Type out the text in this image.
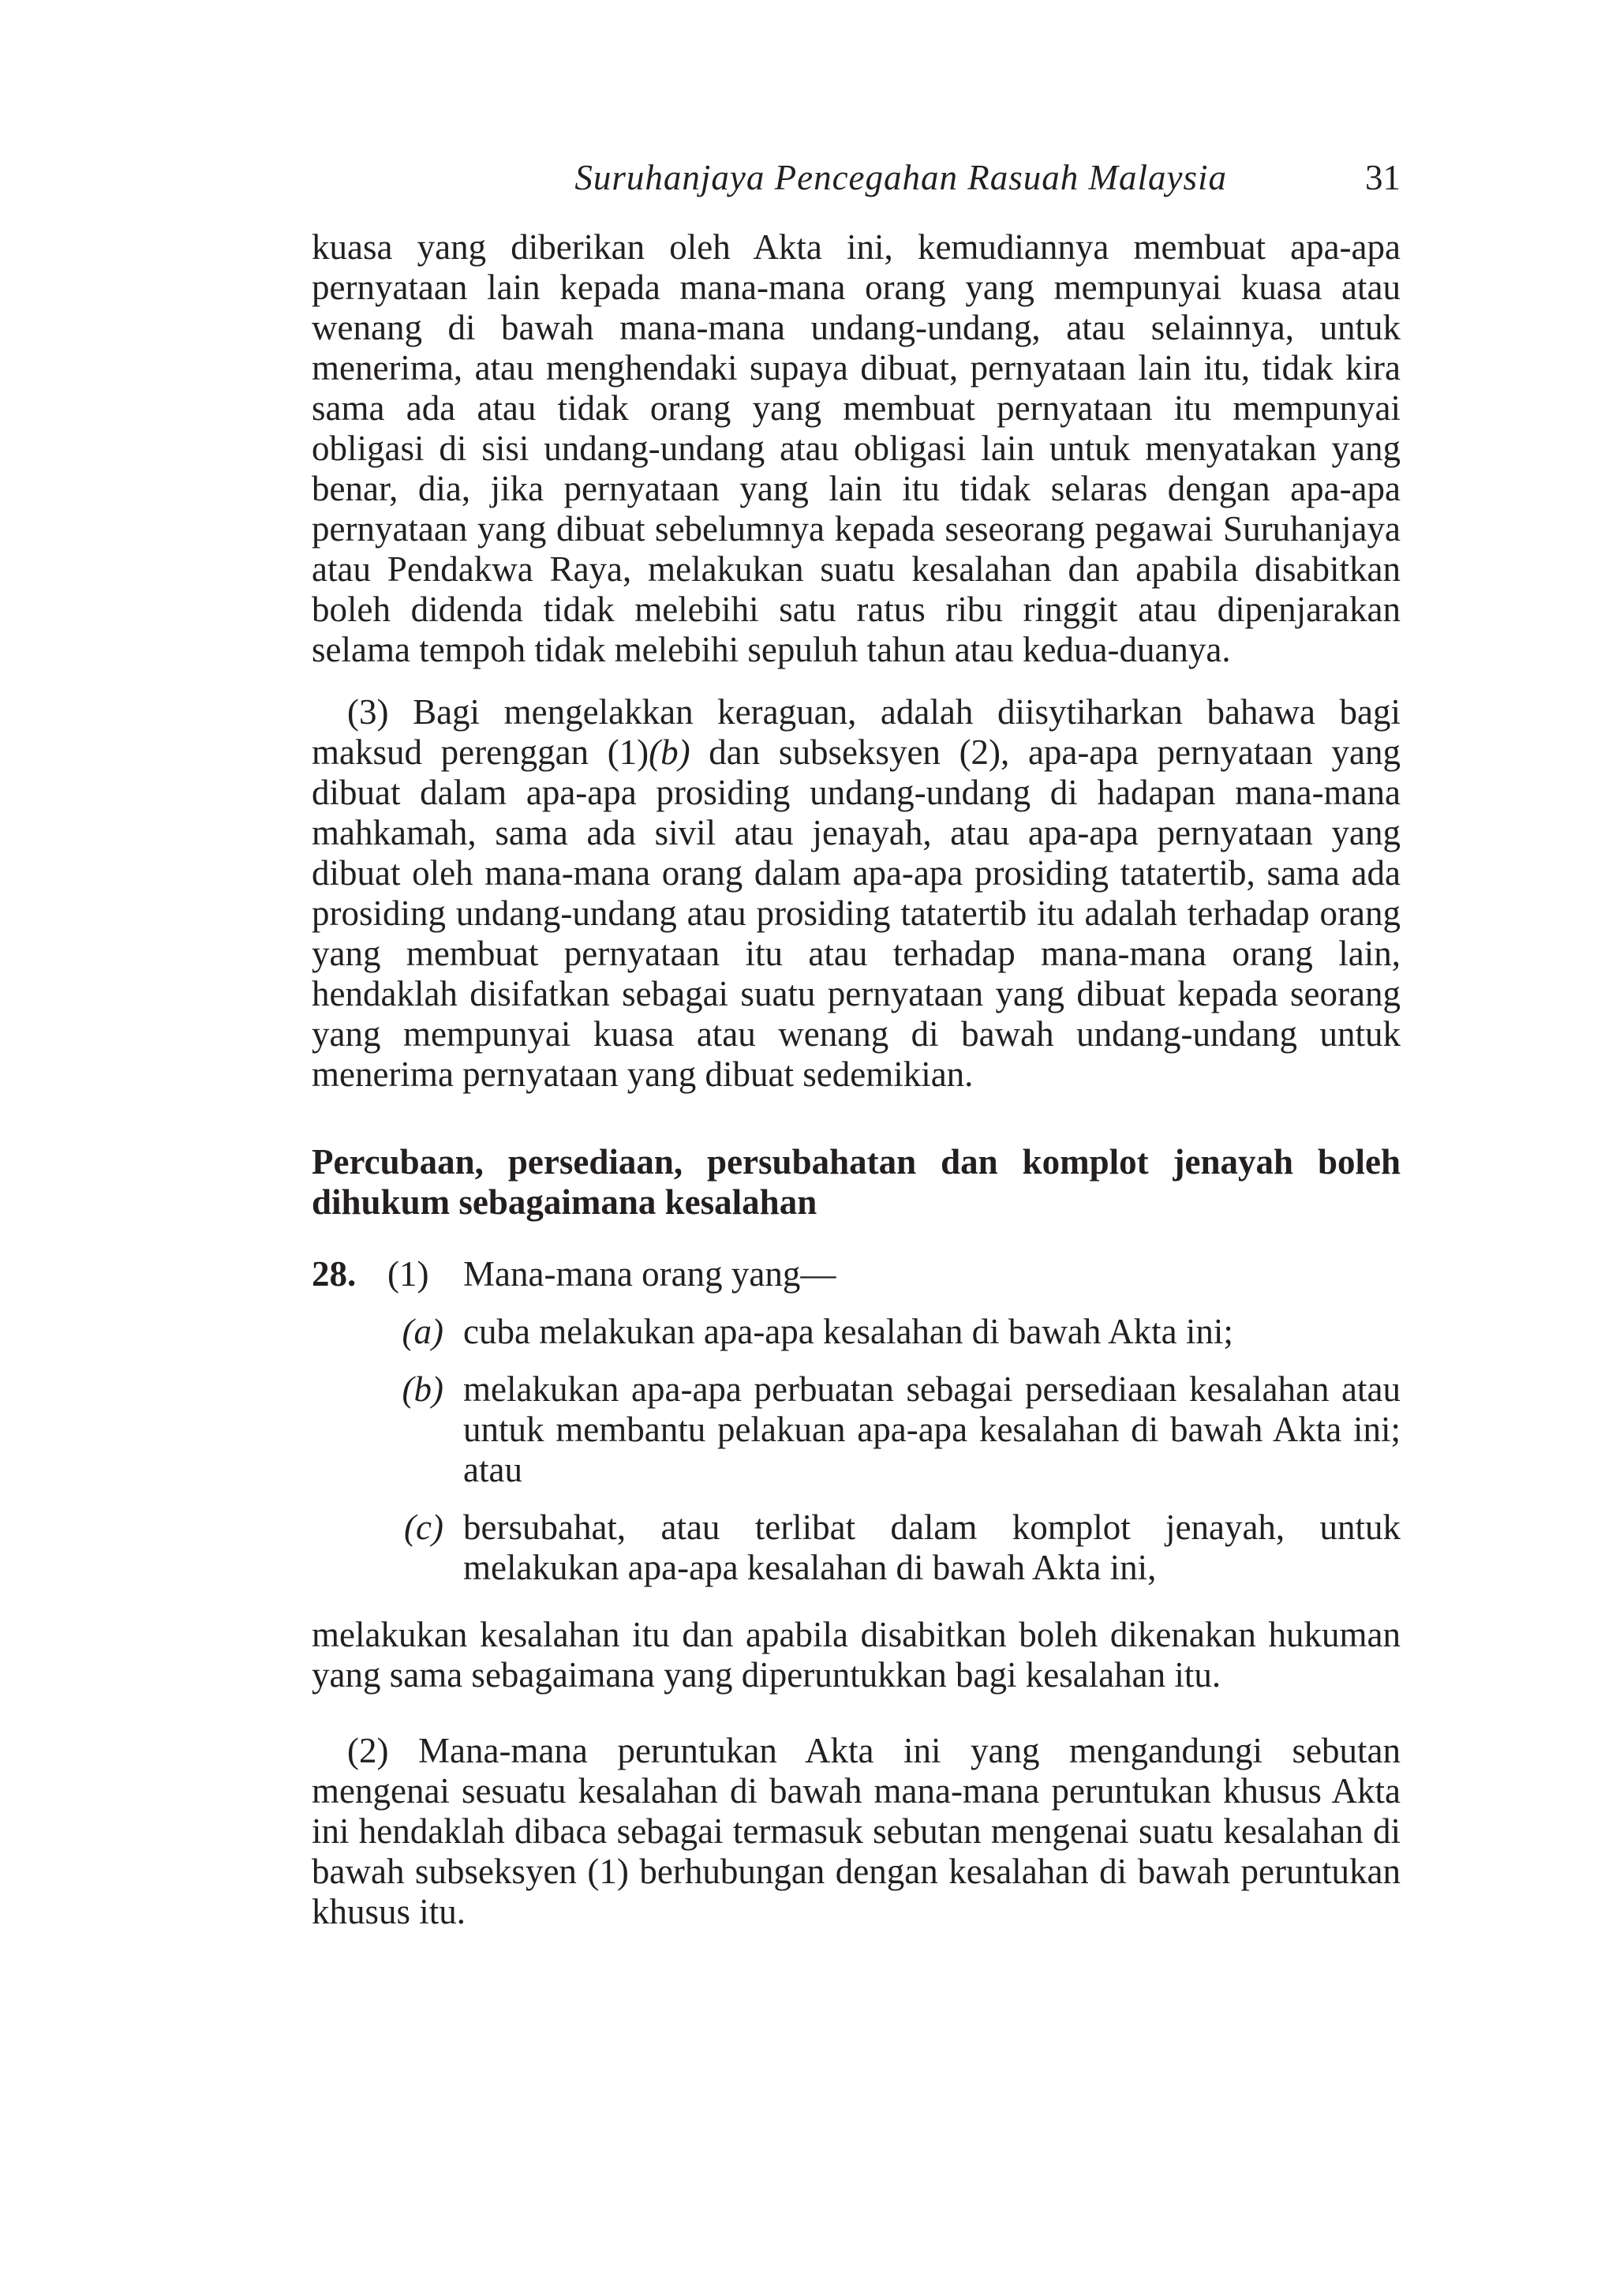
Suruhanjaya Pencegahan Rasuah Malaysia	31

kuasa yang diberikan oleh Akta ini, kemudiannya membuat apa-apa pernyataan lain kepada mana-mana orang yang mempunyai kuasa atau wenang di bawah mana-mana undang-undang, atau selainnya, untuk menerima, atau menghendaki supaya dibuat, pernyataan lain itu, tidak kira sama ada atau tidak orang yang membuat pernyataan itu mempunyai obligasi di sisi undang-undang atau obligasi lain untuk menyatakan yang benar, dia, jika pernyataan yang lain itu tidak selaras dengan apa-apa pernyataan yang dibuat sebelumnya kepada seseorang pegawai Suruhanjaya atau Pendakwa Raya, melakukan suatu kesalahan dan apabila disabitkan boleh didenda tidak melebihi satu ratus ribu ringgit atau dipenjarakan selama tempoh tidak melebihi sepuluh tahun atau kedua-duanya.

(3) Bagi mengelakkan keraguan, adalah diisytiharkan bahawa bagi maksud perenggan (1)(b) dan subseksyen (2), apa-apa pernyataan yang dibuat dalam apa-apa prosiding undang-undang di hadapan mana-mana mahkamah, sama ada sivil atau jenayah, atau apa-apa pernyataan yang dibuat oleh mana-mana orang dalam apa-apa prosiding tatatertib, sama ada prosiding undang-undang atau prosiding tatatertib itu adalah terhadap orang yang membuat pernyataan itu atau terhadap mana-mana orang lain, hendaklah disifatkan sebagai suatu pernyataan yang dibuat kepada seorang yang mempunyai kuasa atau wenang di bawah undang-undang untuk menerima pernyataan yang dibuat sedemikian.

Percubaan, persediaan, persubahatan dan komplot jenayah boleh dihukum sebagaimana kesalahan
28. (1) Mana-mana orang yang—
(a) cuba melakukan apa-apa kesalahan di bawah Akta ini;
(b) melakukan apa-apa perbuatan sebagai persediaan kesalahan atau untuk membantu pelakuan apa-apa kesalahan di bawah Akta ini; atau
(c) bersubahat, atau terlibat dalam komplot jenayah, untuk melakukan apa-apa kesalahan di bawah Akta ini,

melakukan kesalahan itu dan apabila disabitkan boleh dikenakan hukuman yang sama sebagaimana yang diperuntukkan bagi kesalahan itu.

(2) Mana-mana peruntukan Akta ini yang mengandungi sebutan mengenai sesuatu kesalahan di bawah mana-mana peruntukan khusus Akta ini hendaklah dibaca sebagai termasuk sebutan mengenai suatu kesalahan di bawah subseksyen (1) berhubungan dengan kesalahan di bawah peruntukan khusus itu.
